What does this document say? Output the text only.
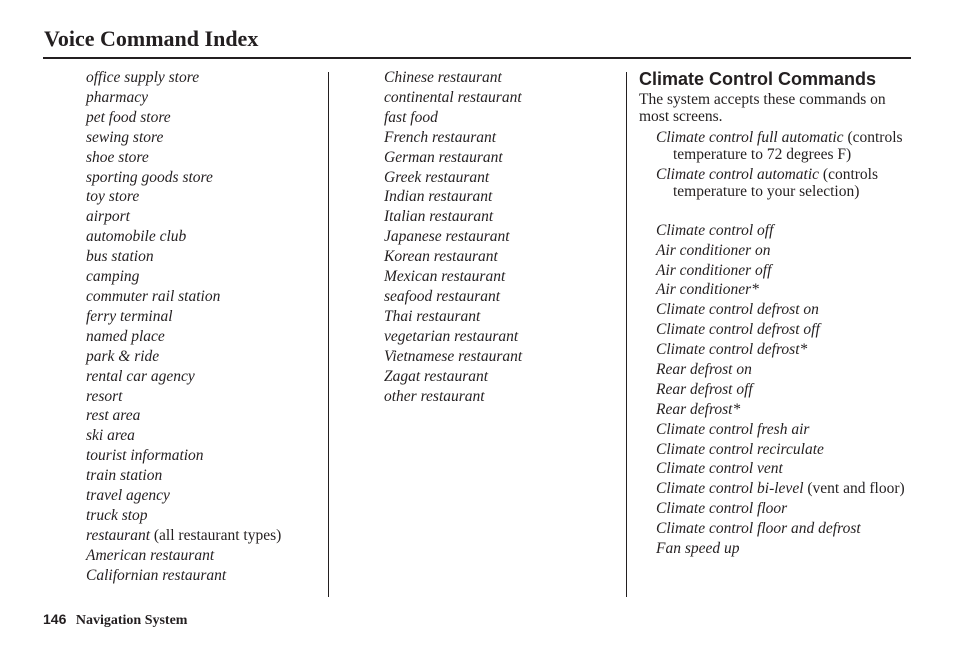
Voice Command Index
office supply store
pharmacy
pet food store
sewing store
shoe store
sporting goods store
toy store
airport
automobile club
bus station
camping
commuter rail station
ferry terminal
named place
park & ride
rental car agency
resort
rest area
ski area
tourist information
train station
travel agency
truck stop
restaurant (all restaurant types)
American restaurant
Californian restaurant
Chinese restaurant
continental restaurant
fast food
French restaurant
German restaurant
Greek restaurant
Indian restaurant
Italian restaurant
Japanese restaurant
Korean restaurant
Mexican restaurant
seafood restaurant
Thai restaurant
vegetarian restaurant
Vietnamese restaurant
Zagat restaurant
other restaurant
Climate Control Commands
The system accepts these commands on most screens.
Climate control full automatic (controls temperature to 72 degrees F)
Climate control automatic (controls temperature to your selection)
Climate control off
Air conditioner on
Air conditioner off
Air conditioner*
Climate control defrost on
Climate control defrost off
Climate control defrost*
Rear defrost on
Rear defrost off
Rear defrost*
Climate control fresh air
Climate control recirculate
Climate control vent
Climate control bi-level (vent and floor)
Climate control floor
Climate control floor and defrost
Fan speed up
146 Navigation System
